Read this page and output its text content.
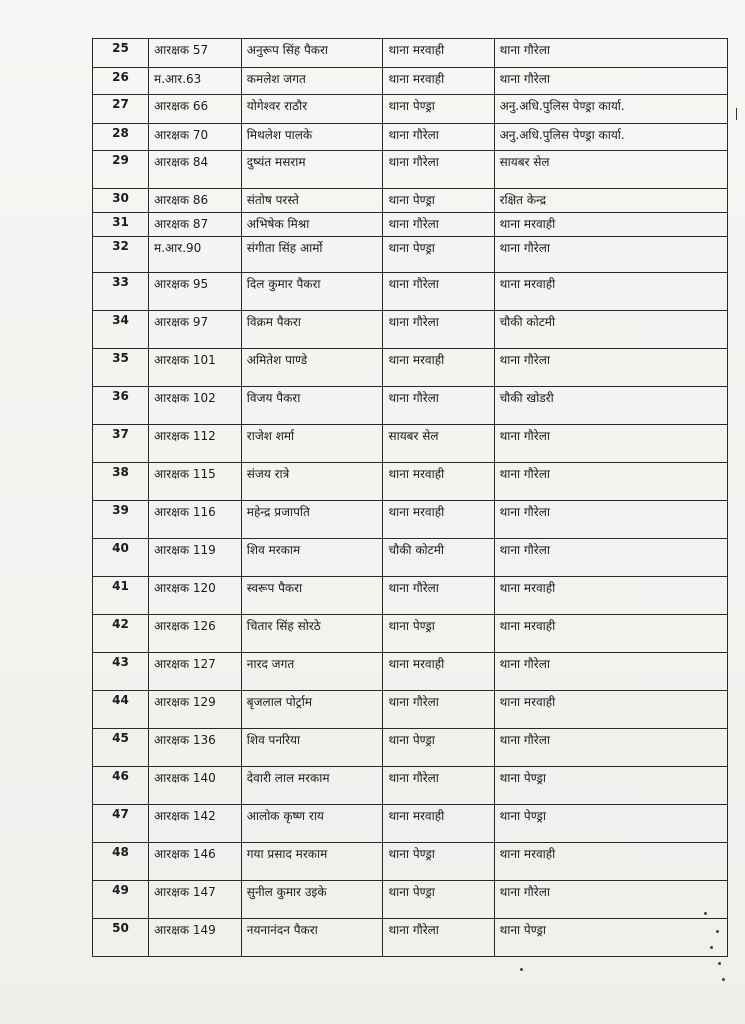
25	आरक्षक 57	अनुरूप सिंह पैकरा	थाना मरवाही	थाना गौरेला
26	म.आर.63	कमलेश जगत	थाना मरवाही	थाना गौरेला
27	आरक्षक 66	योगेश्वर राठौर	थाना पेण्ड्रा	अनु.अधि.पुलिस पेण्ड्रा कार्या.
28	आरक्षक 70	मिथलेश पालके	थाना गौरेला	अनु.अधि.पुलिस पेण्ड्रा कार्या.
29	आरक्षक 84	दुष्यंत मसराम	थाना गौरेला	सायबर सेल
30	आरक्षक 86	संतोष परस्ते	थाना पेण्ड्रा	रक्षित केन्द्र
31	आरक्षक 87	अभिषेक मिश्रा	थाना गौरेला	थाना मरवाही
32	म.आर.90	संगीता सिंह आर्मो	थाना पेण्ड्रा	थाना गौरेला
33	आरक्षक 95	दिल कुमार पैकरा	थाना गौरेला	थाना मरवाही
34	आरक्षक 97	विक्रम पैकरा	थाना गौरेला	चौकी कोटमी
35	आरक्षक 101	अमितेश पाण्डे	थाना मरवाही	थाना गौरेला
36	आरक्षक 102	विजय पैकरा	थाना गौरेला	चौकी खोडरी
37	आरक्षक 112	राजेश शर्मा	सायबर सेल	थाना गौरेला
38	आरक्षक 115	संजय रात्रे	थाना मरवाही	थाना गौरेला
39	आरक्षक 116	महेन्द्र प्रजापति	थाना मरवाही	थाना गौरेला
40	आरक्षक 119	शिव मरकाम	चौकी कोटमी	थाना गौरेला
41	आरक्षक 120	स्वरूप पैकरा	थाना गौरेला	थाना मरवाही
42	आरक्षक 126	चितार सिंह सोरठे	थाना पेण्ड्रा	थाना मरवाही
43	आरक्षक 127	नारद जगत	थाना मरवाही	थाना गौरेला
44	आरक्षक 129	बृजलाल पोर्ट्राम	थाना गौरेला	थाना मरवाही
45	आरक्षक 136	शिव पनरिया	थाना पेण्ड्रा	थाना गौरेला
46	आरक्षक 140	देवारी लाल मरकाम	थाना गौरेला	थाना पेण्ड्रा
47	आरक्षक 142	आलोक कृष्ण राय	थाना मरवाही	थाना पेण्ड्रा
48	आरक्षक 146	गया प्रसाद मरकाम	थाना पेण्ड्रा	थाना मरवाही
49	आरक्षक 147	सुनील कुमार उइके	थाना पेण्ड्रा	थाना गौरेला
50	आरक्षक 149	नयनानंदन पैकरा	थाना गौरेला	थाना पेण्ड्रा
